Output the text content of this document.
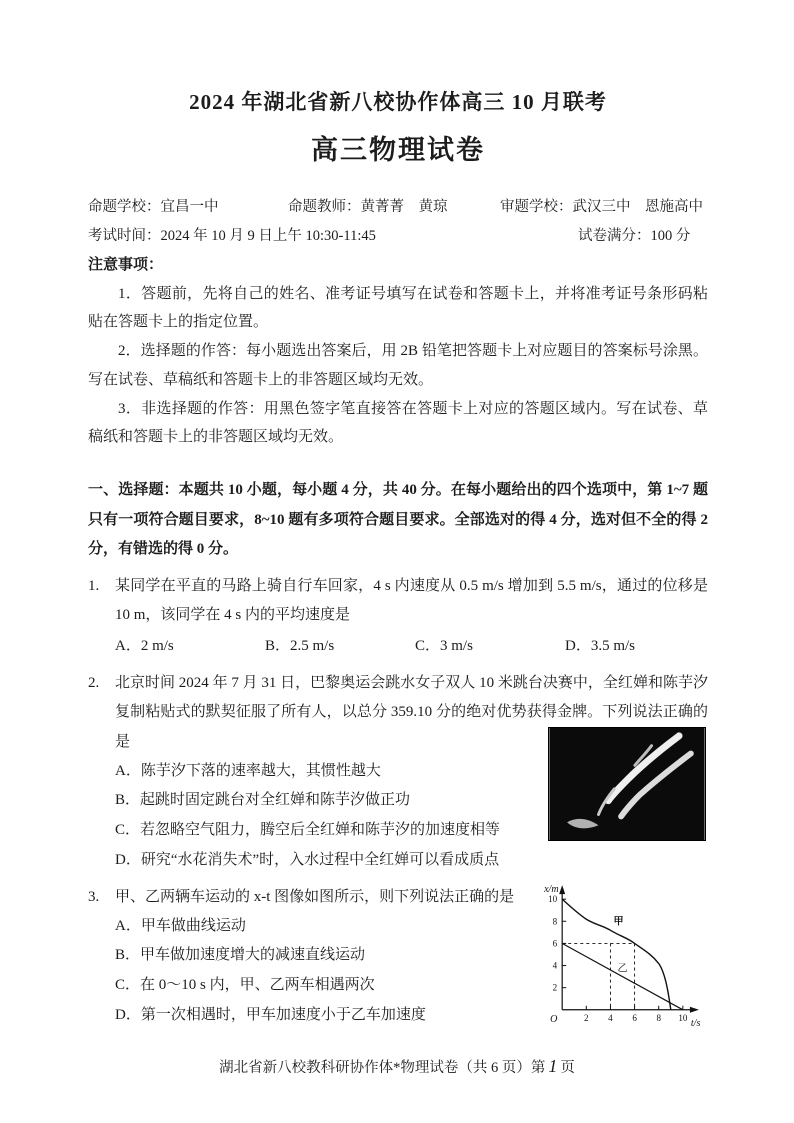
2024 年湖北省新八校协作体高三 10 月联考
高三物理试卷
命题学校：宜昌一中	命题教师：黄菁菁　黄琼	审题学校：武汉三中　恩施高中
考试时间：2024 年 10 月 9 日上午 10:30-11:45	试卷满分：100 分
注意事项：

1．答题前，先将自己的姓名、准考证号填写在试卷和答题卡上，并将准考证号条形码粘贴在答题卡上的指定位置。

2．选择题的作答：每小题选出答案后，用 2B 铅笔把答题卡上对应题目的答案标号涂黑。写在试卷、草稿纸和答题卡上的非答题区域均无效。

3．非选择题的作答：用黑色签字笔直接答在答题卡上对应的答题区域内。写在试卷、草稿纸和答题卡上的非答题区域均无效。

一、选择题：本题共 10 小题，每小题 4 分，共 40 分。在每小题给出的四个选项中，第 1~7 题只有一项符合题目要求，8~10 题有多项符合题目要求。全部选对的得 4 分，选对但不全的得 2 分，有错选的得 0 分。

1. 某同学在平直的马路上骑自行车回家，4 s 内速度从 0.5 m/s 增加到 5.5 m/s，通过的位移是 10 m，该同学在 4 s 内的平均速度是

A．2 m/s	B．2.5 m/s	C．3 m/s	D．3.5 m/s
2. 北京时间 2024 年 7 月 31 日，巴黎奥运会跳水女子双人 10 米跳台决赛中，全红婵和陈芋汐复制粘贴式的默契征服了所有人，以总分 359.10 分的绝对优势获得金牌。下列说法正确的是

A．陈芋汐下落的速率越大，其惯性越大
B．起跳时固定跳台对全红婵和陈芋汐做正功
C．若忽略空气阻力，腾空后全红婵和陈芋汐的加速度相等
D．研究“水花消失术”时，入水过程中全红婵可以看成质点
3.	x/m
t/s
O
10
8
6
4
2
2 4 6 8 10
甲
乙

甲、乙两辆车运动的 x-t 图像如图所示，则下列说法正确的是

A．甲车做曲线运动
B．甲车做加速度增大的减速直线运动
C．在 0～10 s 内，甲、乙两车相遇两次
D．第一次相遇时，甲车加速度小于乙车加速度
湖北省新八校教科研协作体*物理试卷（共 6 页）第 1 页
